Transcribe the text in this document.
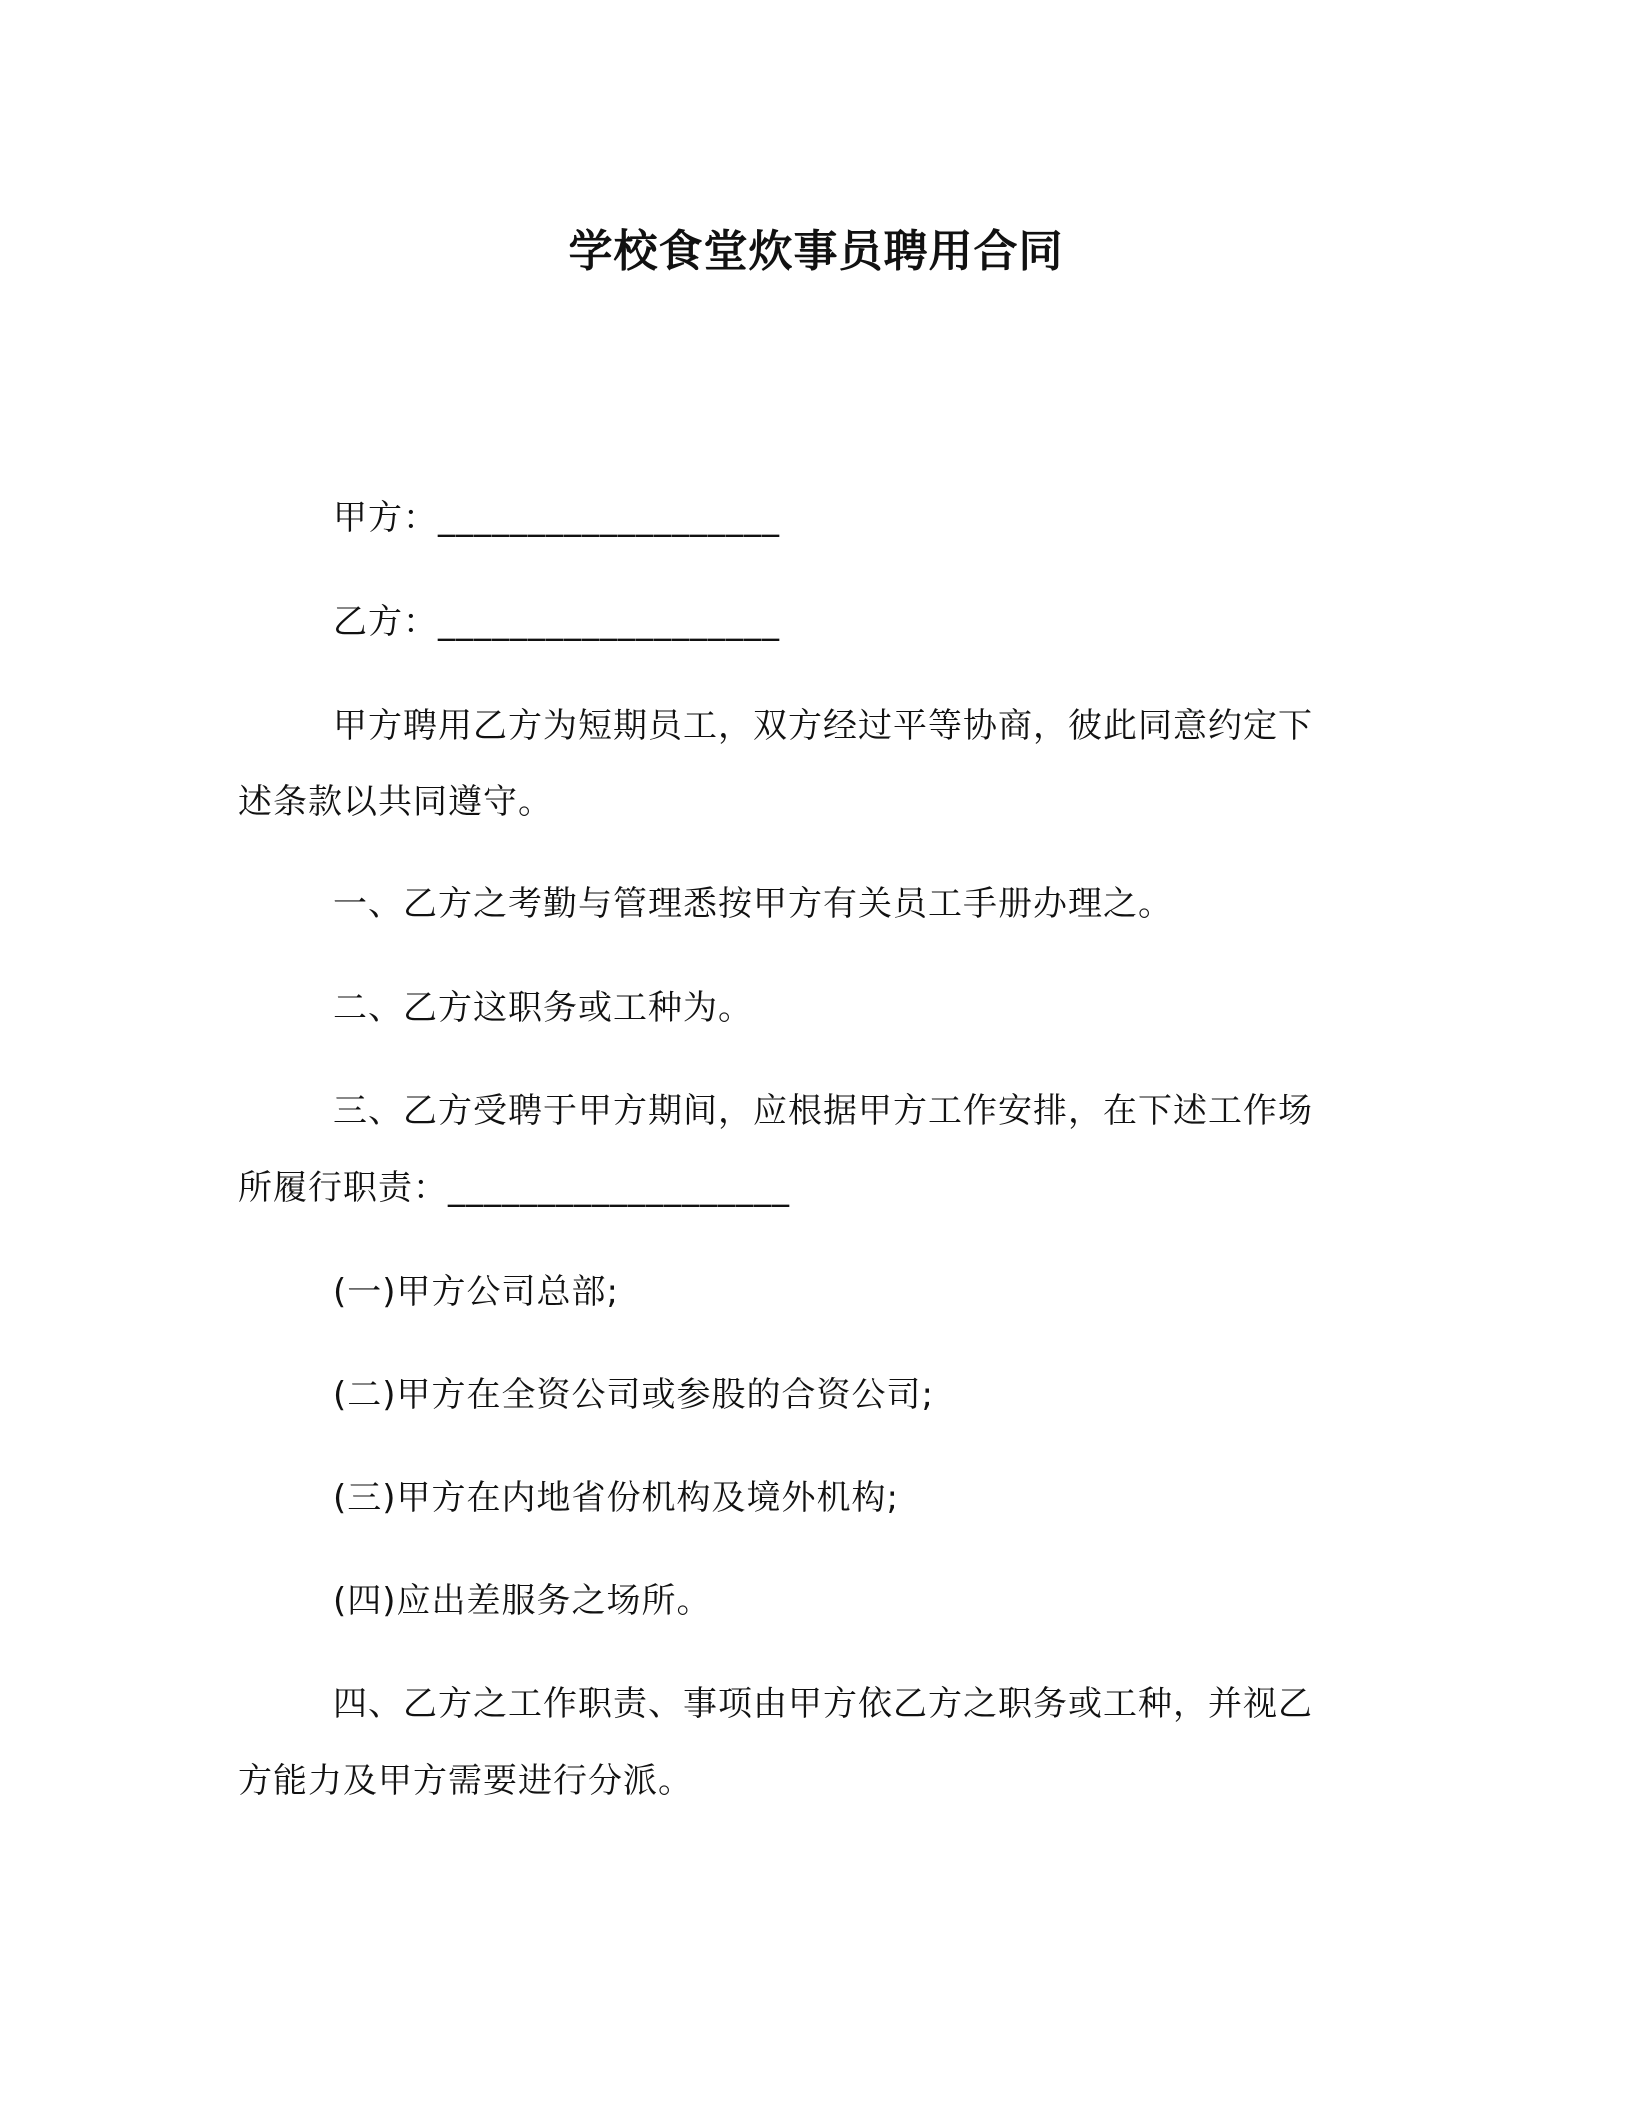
学校食堂炊事员聘用合同
甲方：___________________
乙方：___________________
甲方聘用乙方为短期员工，双方经过平等协商，彼此同意约定下
述条款以共同遵守。
一、乙方之考勤与管理悉按甲方有关员工手册办理之。
二、乙方这职务或工种为。
三、乙方受聘于甲方期间，应根据甲方工作安排，在下述工作场
所履行职责：___________________
(一)甲方公司总部;
(二)甲方在全资公司或参股的合资公司;
(三)甲方在内地省份机构及境外机构;
(四)应出差服务之场所。
四、乙方之工作职责、事项由甲方依乙方之职务或工种，并视乙
方能力及甲方需要进行分派。
